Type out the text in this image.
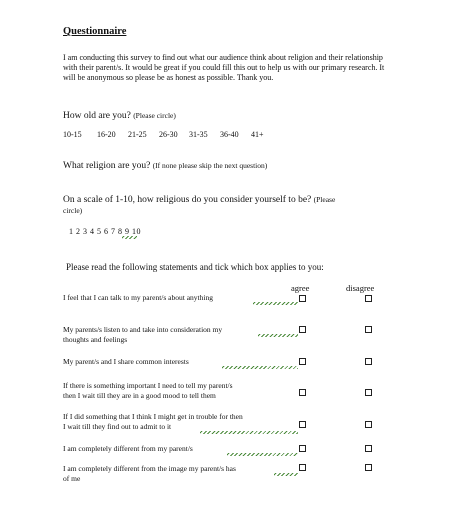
Questionnaire
I am conducting this survey to find out what our audience think about religion and their relationship with their parent/s. It would be great if you could fill this out to help us with our primary research. It will be anonymous so please be as honest as possible. Thank you.
How old are you? (Please circle)
10-15 16-20 21-25 26-30 31-35 36-40 41+
What religion are you? (If none please skip the next question)
On a scale of 1-10, how religious do you consider yourself to be? (Please
circle)
1 2 3 4 5 6 7 8 9 10
Please read the following statements and tick which box applies to you:
agree	disagree
I feel that I can talk to my parent/s about anything
My parents/s listen to and take into consideration my
thoughts and feelings
My parent/s and I share common interests
If there is something important I need to tell my parent/s
then I wait till they are in a good mood to tell them
If I did something that I think I might get in trouble for then
I wait till they find out to admit to it
I am completely different from my parent/s
I am completely different from the image my parent/s has
of me
